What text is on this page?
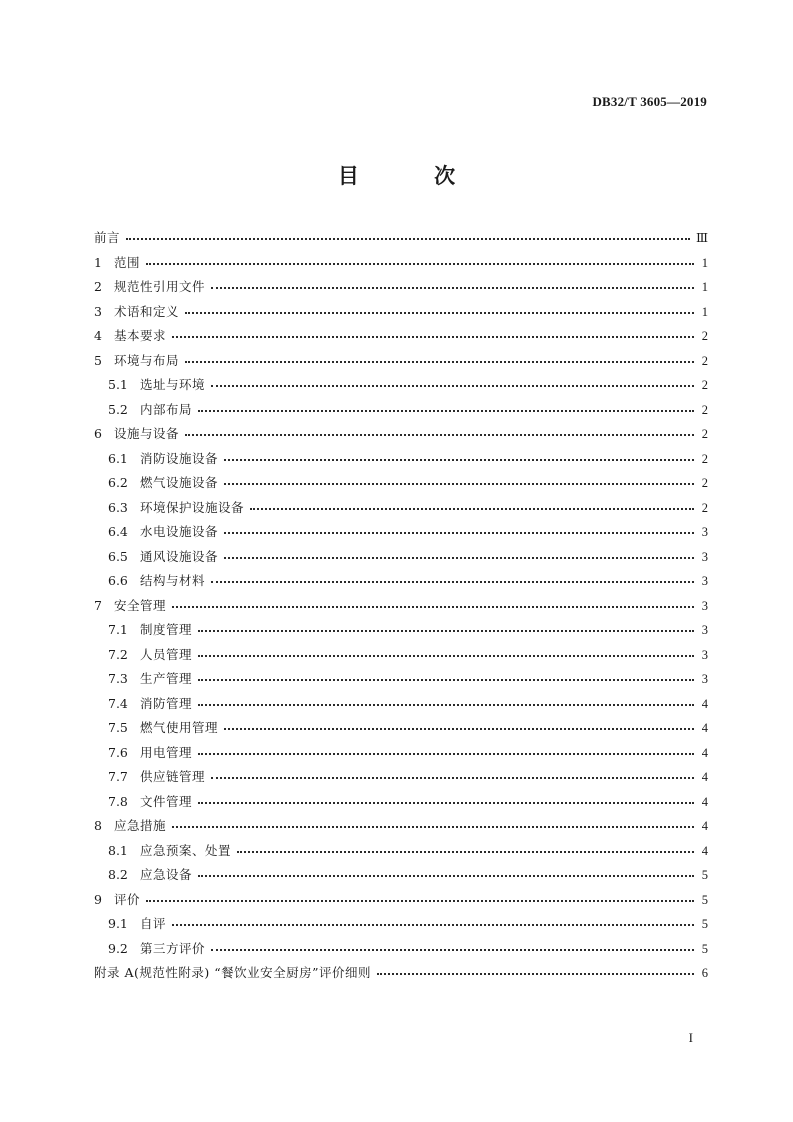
DB32/T 3605—2019
目 次
前言	Ⅲ
1 范围	1
2 规范性引用文件	1
3 术语和定义	1
4 基本要求	2
5 环境与布局	2
5.1 选址与环境	2
5.2 内部布局	2
6 设施与设备	2
6.1 消防设施设备	2
6.2 燃气设施设备	2
6.3 环境保护设施设备	2
6.4 水电设施设备	3
6.5 通风设施设备	3
6.6 结构与材料	3
7 安全管理	3
7.1 制度管理	3
7.2 人员管理	3
7.3 生产管理	3
7.4 消防管理	4
7.5 燃气使用管理	4
7.6 用电管理	4
7.7 供应链管理	4
7.8 文件管理	4
8 应急措施	4
8.1 应急预案、处置	4
8.2 应急设备	5
9 评价	5
9.1 自评	5
9.2 第三方评价	5
附录 A(规范性附录) “餐饮业安全厨房”评价细则	6
I
